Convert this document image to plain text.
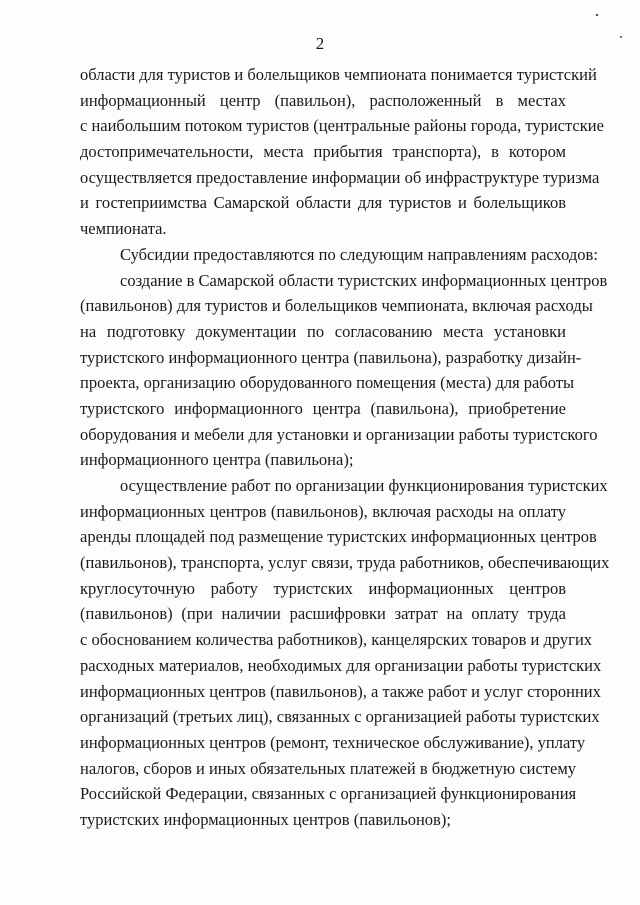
2
области для туристов и болельщиков чемпионата понимается туристский
информационный центр (павильон), расположенный в местах
с наибольшим потоком туристов (центральные районы города, туристские
достопримечательности, места прибытия транспорта), в котором
осуществляется предоставление информации об инфраструктуре туризма
и гостеприимства Самарской области для туристов и болельщиков
чемпионата.
Субсидии предоставляются по следующим направлениям расходов:
создание в Самарской области туристских информационных центров
(павильонов) для туристов и болельщиков чемпионата, включая расходы
на подготовку документации по согласованию места установки
туристского информационного центра (павильона), разработку дизайн-
проекта, организацию оборудованного помещения (места) для работы
туристского информационного центра (павильона), приобретение
оборудования и мебели для установки и организации работы туристского
информационного центра (павильона);
осуществление работ по организации функционирования туристских
информационных центров (павильонов), включая расходы на оплату
аренды площадей под размещение туристских информационных центров
(павильонов), транспорта, услуг связи, труда работников, обеспечивающих
круглосуточную работу туристских информационных центров
(павильонов) (при наличии расшифровки затрат на оплату труда
с обоснованием количества работников), канцелярских товаров и других
расходных материалов, необходимых для организации работы туристских
информационных центров (павильонов), а также работ и услуг сторонних
организаций (третьих лиц), связанных с организацией работы туристских
информационных центров (ремонт, техническое обслуживание), уплату
налогов, сборов и иных обязательных платежей в бюджетную систему
Российской Федерации, связанных с организацией функционирования
туристских информационных центров (павильонов);
